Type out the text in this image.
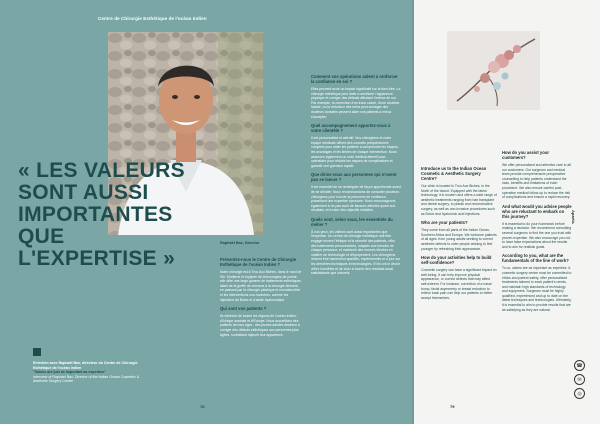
Centre de Chirurgie Esthétique de l'océan Indien
« LES VALEURS SONT AUSSI IMPORTANTES QUE L'EXPERTISE »
Raphaël Bax, Director

Présentez-nous le Centre de Chirurgie Esthétique de l'océan Indien ?

Notre chirurgie est à Trou Aux Biches, dans le nord de l'île. Moderne et équipée de technologies de pointe, elle offre une large gamme de traitements esthétiques allant de la greffe de cheveux à la chirurgie dentaire, en passant par la chirurgie plastique et reconstructive et les interventions non-invasives, comme les injections de Botox et d'acide hyaluronique.

Qui sont vos patients ?

Ils viennent de toutes les régions de l'océan Indien, d'Afrique australe et d'Europe. Nous accueillons des patients de tous âges : des jeunes adultes désireux à corriger des défauts esthétiques aux personnes plus âgées, souhaitant rajeunir leur apparence.

Comment vos opérations aident à renforcer la confiance en soi ?

Elles peuvent avoir un impact significatif sur la bien-être. La chirurgie esthétique peut aider à améliorer l'apparence physique et corriger des défauts affectant l'estime de soi. Par exemple, la correction d'un tronc cassé, d'une cicatrice faciale, ou la réduction des seins peut soulager des douleurs dorsales peuvent aider nos patients à mieux s'accepter.

Quel accompagnement apportez-vous à votre clientèle ?

Il est personnalisé et attentif. Nos chirurgiens et notre équipe médicale offrent des conseils préopératoires complets pour aider les patients à comprendre les risques, les avantages et les limites de chaque intervention. Nous assurons également un suivi médical attentif post-opératoire pour réduire les risques de complications et garantir une guérison rapide.

Que diriez-vous aux personnes qui n'osent pas se lancer ?

Il est essentiel de se renseigner de façon approfondie avant de se décider. Nous recommandons de consulter plusieurs chirurgiens pour trouver la personne de confiance, possédant une expertise éprouvée. Nous encourageons également à ne pas avoir de fausses attentes quant aux résultats, et à viser des objectifs réalistes.

Quels sont, selon vous, les essentiels du métier ?

À nos yeux, les valeurs sont aussi importantes que l'expertise. Un centre de chirurgie esthétique doit être engagé envers l'éthique et la sécurité des patients, offrir des traitements personnalisés, adaptés aux besoins de chaque personne, et maintenir des normes élevées en matière de technologie et d'équipement. Les chirurgiens doivent être hautement qualifiés, expérimentés et à jour sur les dernières techniques et technologies. Et ils ont le devoir d'être honnêtes et de viser à fournir des résultats aussi satisfaisants que naturels.

Entretien avec Raphaël Bax, directeur du Centre de Chirurgie Esthétique de l'océan Indien
"Values are just as important as expertise"
Interview of Raphael Bax, Director of the Indian Ocean Cosmetic & Aesthetic Surgery Centre
78

Introduce us to the Indian Ocean Cosmetic & Aesthetic Surgery Centre?

Our clinic is located in Trou Aux Biches, in the North of the Island. Equipped with the latest technology, it is modern and offers a wide range of aesthetic treatments ranging from hair transplant and dental surgery, to plastic and reconstructive surgery, as well as non-invasive procedures such as Botox and hyaluronic acid injections.

Who are your patients?

They come from all parts of the Indian Ocean, Southern Africa and Europe. We welcome patients of all ages: from young adults seeking to correct aesthetic defects to older people wishing to feel younger by refreshing their appearance.

How do your activities help to build self-confidence?

Cosmetic surgery can have a significant impact on well-being. It can help improve physical appearance, or correct defects that may affect self-esteem. For instance, correction of a nasal bump, facial asymmetry or breast reduction to relieve back pain can help our patients to better accept themselves.

How do you assist your customers?

We offer personalised and attentive care to all our customers. Our surgeons and medical team provide comprehensive preoperative counselling to help patients understand the risks, benefits and limitations of each procedure. We also ensure careful post-operative medical follow-up to reduce the risk of complications and ensure a rapid recovery.

And what would you advise people who are reluctant to embark on this journey?

It is essential to do your homework before making a decision. We recommend consulting several surgeons to find the one you trust with proven expertise. We also encourage you not to have false expectations about the results and to aim for realistic goals.

According to you, what are the fundamentals of the line of work?

To us, values are as important as expertise. A cosmetic surgery centre must be committed to ethics and patient safety, offer personalised treatments tailored to each patient's needs, and maintain high standards of technology and equipment. Surgeons must be highly qualified, experienced and up to date on the latest techniques and technologies. Ultimately, it is essential to aim to provide results that are as satisfying as they are natural.

Apartis
☎
✉
◎
79
